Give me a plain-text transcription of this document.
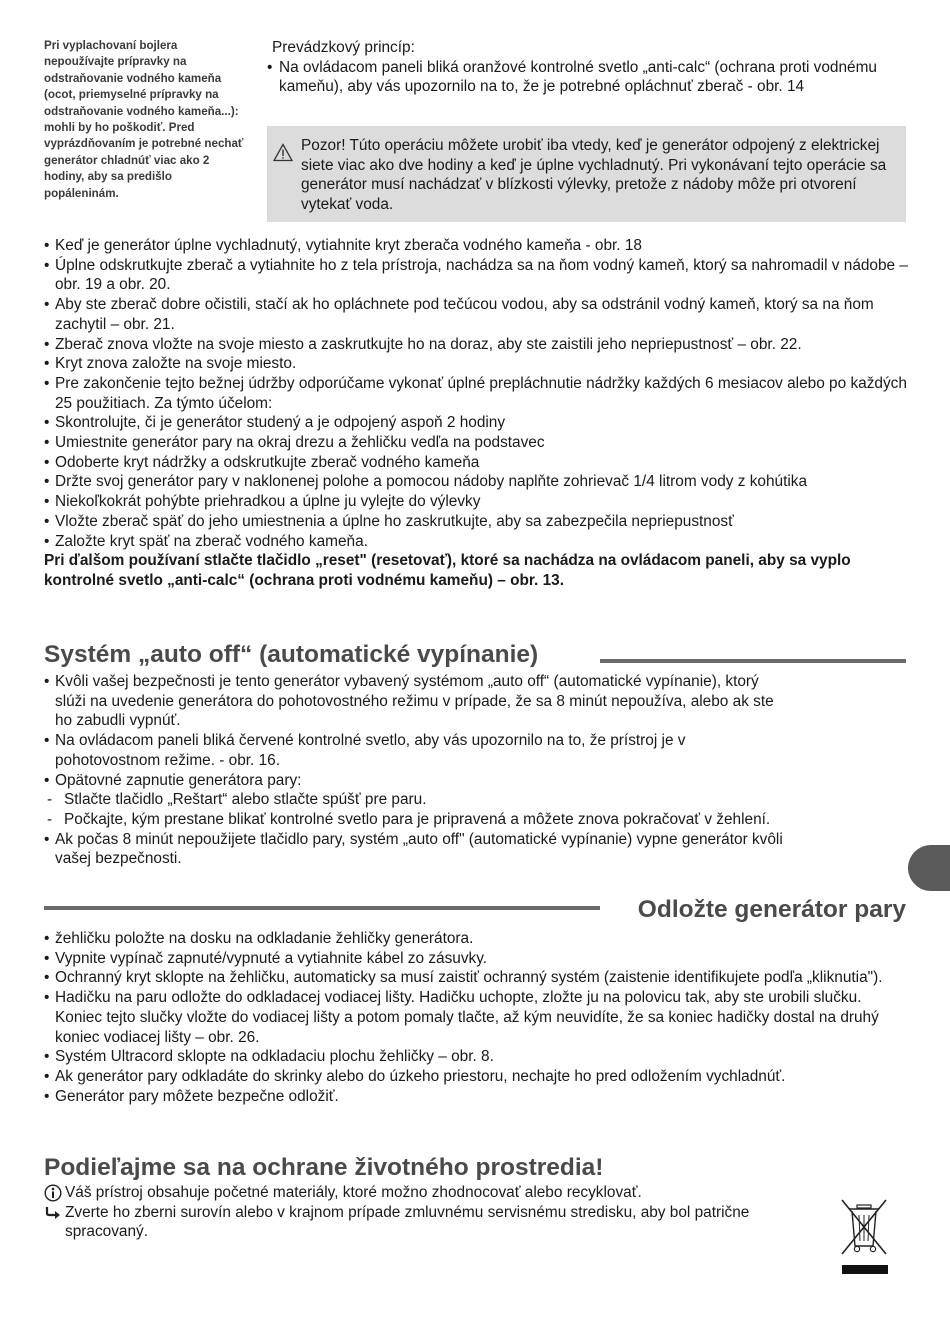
Pri vyplachovaní bojlera nepoužívajte prípravky na odstraňovanie vodného kameňa (ocot, priemyselné prípravky na odstraňovanie vodného kameňa...): mohli by ho poškodiť. Pred vyprázdňovaním je potrebné nechať generátor chladnúť viac ako 2 hodiny, aby sa predišlo popáleninám.
Prevádzkový princíp:
• Na ovládacom paneli bliká oranžové kontrolné svetlo „anti-calc“ (ochrana proti vodnému kameňu), aby vás upozornilo na to, že je potrebné opláchnuť zberač - obr. 14
Pozor! Túto operáciu môžete urobiť iba vtedy, keď je generátor odpojený z elektrickej siete viac ako dve hodiny a keď je úplne vychladnutý. Pri vykonávaní tejto operácie sa generátor musí nachádzať v blízkosti výlevky, pretože z nádoby môže pri otvorení vytekať voda.
• Keď je generátor úplne vychladnutý, vytiahnite kryt zberača vodného kameňa - obr. 18
• Úplne odskrutkujte zberač a vytiahnite ho z tela prístroja, nachádza sa na ňom vodný kameň, ktorý sa nahromadil v nádobe – obr. 19 a obr. 20.
• Aby ste zberač dobre očistili, stačí ak ho opláchnete pod tečúcou vodou, aby sa odstránil vodný kameň, ktorý sa na ňom zachytil – obr. 21.
• Zberač znova vložte na svoje miesto a zaskrutkujte ho na doraz, aby ste zaistili jeho nepriepustnosť – obr. 22.
• Kryt znova založte na svoje miesto.
• Pre zakončenie tejto bežnej údržby odporúčame vykonať úplné prepláchnutie nádržky každých 6 mesiacov alebo po každých 25 použitiach. Za týmto účelom:
• Skontrolujte, či je generátor studený a je odpojený aspoň 2 hodiny
• Umiestnite generátor pary na okraj drezu a žehličku vedľa na podstavec
• Odoberte kryt nádržky a odskrutkujte zberač vodného kameňa
• Držte svoj generátor pary v naklonenej polohe a pomocou nádoby naplňte zohrievač 1/4 litrom vody z kohútika
• Niekoľkokrát pohýbte priehradkou a úplne ju vylejte do výlevky
• Vložte zberač späť do jeho umiestnenia a úplne ho zaskrutkujte, aby sa zabezpečila nepriepustnosť
• Založte kryt späť na zberač vodného kameňa.
Pri ďalšom používaní stlačte tlačidlo „reset" (resetovať), ktoré sa nachádza na ovládacom paneli, aby sa vyplo kontrolné svetlo „anti-calc“ (ochrana proti vodnému kameňu) – obr. 13.
Systém „auto off“ (automatické vypínanie)
• Kvôli vašej bezpečnosti je tento generátor vybavený systémom „auto off“ (automatické vypínanie), ktorý slúži na uvedenie generátora do pohotovostného režimu v prípade, že sa 8 minút nepoužíva, alebo ak ste ho zabudli vypnúť.
• Na ovládacom paneli bliká červené kontrolné svetlo, aby vás upozornilo na to, že prístroj je v pohotovostnom režime. - obr. 16.
• Opätovné zapnutie generátora pary:
- Stlačte tlačidlo „Reštart“ alebo stlačte spúšť pre paru.
- Počkajte, kým prestane blikať kontrolné svetlo para je pripravená a môžete znova pokračovať v žehlení.
• Ak počas 8 minút nepoužijete tlačidlo pary, systém „auto off" (automatické vypínanie) vypne generátor kvôli vašej bezpečnosti.
Odložte generátor pary
• žehličku položte na dosku na odkladanie žehličky generátora.
• Vypnite vypínač zapnuté/vypnuté a vytiahnite kábel zo zásuvky.
• Ochranný kryt sklopte na žehličku, automaticky sa musí zaistiť ochranný systém (zaistenie identifikujete podľa „kliknutia").
• Hadičku na paru odložte do odkladacej vodiacej lišty. Hadičku uchopte, zložte ju na polovicu tak, aby ste urobili slučku. Koniec tejto slučky vložte do vodiacej lišty a potom pomaly tlačte, až kým neuvidíte, že sa koniec hadičky dostal na druhý koniec vodiacej lišty – obr. 26.
• Systém Ultracord sklopte na odkladaciu plochu žehličky – obr. 8.
• Ak generátor pary odkladáte do skrinky alebo do úzkeho priestoru, nechajte ho pred odložením vychladnúť.
• Generátor pary môžete bezpečne odložiť.
Podieľajme sa na ochrane životného prostredia!
Váš prístroj obsahuje početné materiály, ktoré možno zhodnocovať alebo recyklovať.
Zverte ho zberni surovín alebo v krajnom prípade zmluvnému servisnému stredisku, aby bol patrične spracovaný.
